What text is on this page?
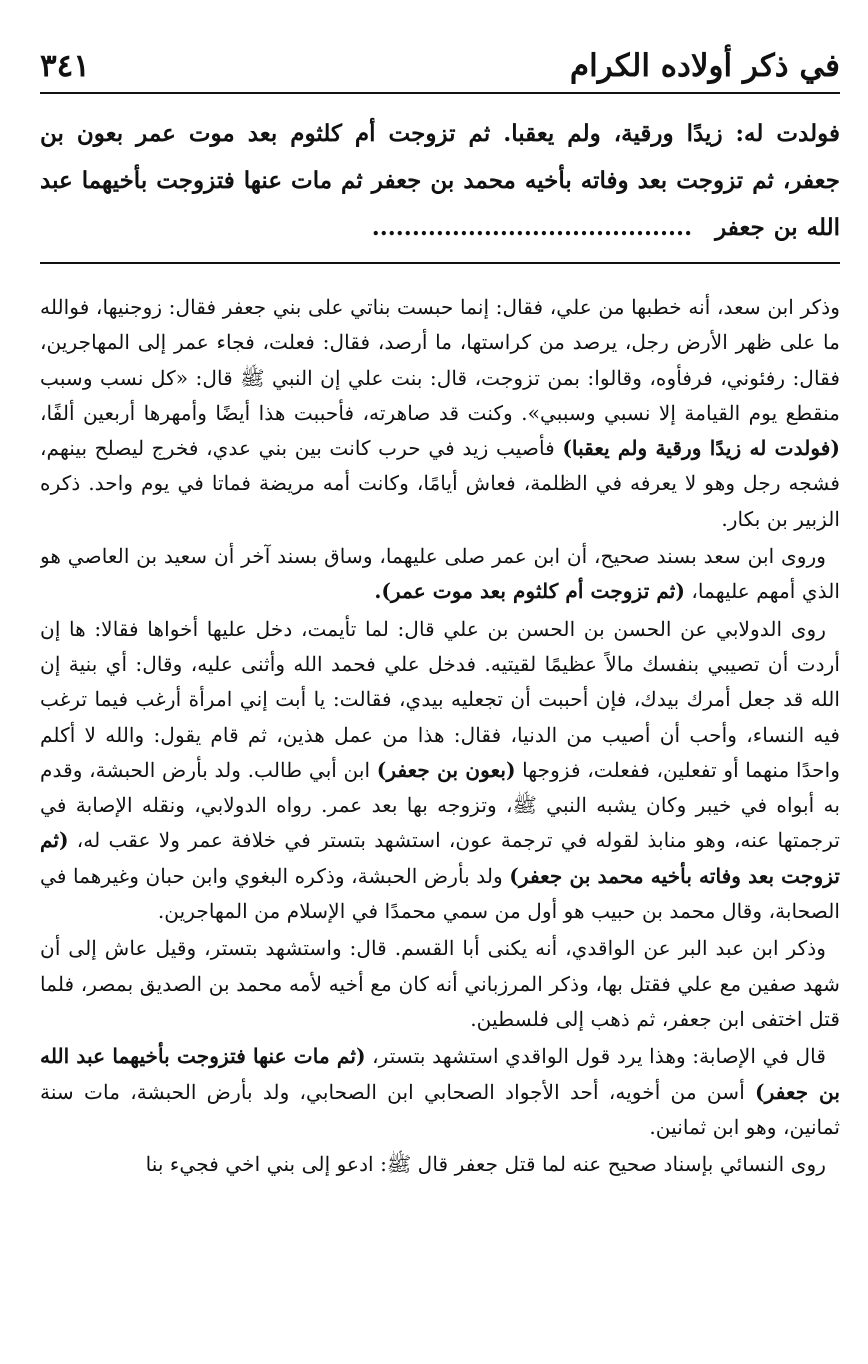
في ذكر أولاده الكرام
٣٤١
فولدت له: زيدًا ورقية، ولم يعقبا. ثم تزوجت أم كلثوم بعد موت عمر بعون بن جعفر، ثم تزوجت بعد وفاته بأخيه محمد بن جعفر ثم مات عنها فتزوجت بأخيهما عبد الله بن جعفر ........................................

وذكر ابن سعد، أنه خطبها من علي، فقال: إنما حبست بناتي على بني جعفر فقال: زوجنيها، فوالله ما على ظهر الأرض رجل، يرصد من كراستها، ما أرصد، فقال: فعلت، فجاء عمر إلى المهاجرين، فقال: رفئوني، فرفأوه، وقالوا: بمن تزوجت، قال: بنت علي إن النبي ﷺ قال: «كل نسب وسبب منقطع يوم القيامة إلا نسبي وسببي». وكنت قد صاهرته، فأحببت هذا أيضًا وأمهرها أربعين ألفًا، (فولدت له زيدًا ورقية ولم يعقبا) فأصيب زيد في حرب كانت بين بني عدي، فخرج ليصلح بينهم، فشجه رجل وهو لا يعرفه في الظلمة، فعاش أيامًا، وكانت أمه مريضة فماتا في يوم واحد. ذكره الزبير بن بكار.

وروى ابن سعد بسند صحيح، أن ابن عمر صلى عليهما، وساق بسند آخر أن سعيد بن العاصي هو الذي أمهم عليهما، (ثم تزوجت أم كلثوم بعد موت عمر).

روى الدولابي عن الحسن بن الحسن بن علي قال: لما تأيمت، دخل عليها أخواها فقالا: ها إن أردت أن تصيبي بنفسك مالاً عظيمًا لقيتيه. فدخل علي فحمد الله وأثنى عليه، وقال: أي بنية إن الله قد جعل أمرك بيدك، فإن أحببت أن تجعليه بيدي، فقالت: يا أبت إني امرأة أرغب فيما ترغب فيه النساء، وأحب أن أصيب من الدنيا، فقال: هذا من عمل هذين، ثم قام يقول: والله لا أكلم واحدًا منهما أو تفعلين، ففعلت، فزوجها (بعون بن جعفر) ابن أبي طالب. ولد بأرض الحبشة، وقدم به أبواه في خيبر وكان يشبه النبي ﷺ، وتزوجه بها بعد عمر. رواه الدولابي، ونقله الإصابة في ترجمتها عنه، وهو منابذ لقوله في ترجمة عون، استشهد بتستر في خلافة عمر ولا عقب له، (ثم تزوجت بعد وفاته بأخيه محمد بن جعفر) ولد بأرض الحبشة، وذكره البغوي وابن حبان وغيرهما في الصحابة، وقال محمد بن حبيب هو أول من سمي محمدًا في الإسلام من المهاجرين.

وذكر ابن عبد البر عن الواقدي، أنه يكنى أبا القسم. قال: واستشهد بتستر، وقيل عاش إلى أن شهد صفين مع علي فقتل بها، وذكر المرزباني أنه كان مع أخيه لأمه محمد بن الصديق بمصر، فلما قتل اختفى ابن جعفر، ثم ذهب إلى فلسطين.

قال في الإصابة: وهذا يرد قول الواقدي استشهد بتستر، (ثم مات عنها فتزوجت بأخيهما عبد الله بن جعفر) أسن من أخويه، أحد الأجواد الصحابي ابن الصحابي، ولد بأرض الحبشة، مات سنة ثمانين، وهو ابن ثمانين.

روى النسائي بإسناد صحيح عنه لما قتل جعفر قال ﷺ: ادعو إلى بني اخي فجيء بنا
